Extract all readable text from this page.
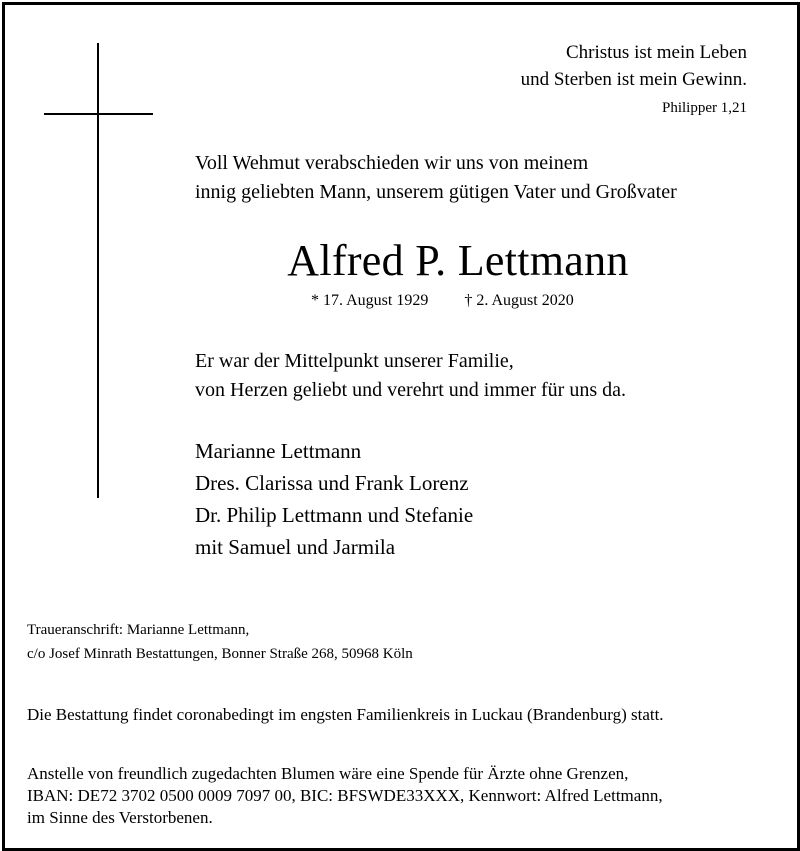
Christus ist mein Leben
und Sterben ist mein Gewinn.
Philipper 1,21
Voll Wehmut verabschieden wir uns von meinem
innig geliebten Mann, unserem gütigen Vater und Großvater
Alfred P. Lettmann
* 17. August 1929 † 2. August 2020
Er war der Mittelpunkt unserer Familie,
von Herzen geliebt und verehrt und immer für uns da.
Marianne Lettmann
Dres. Clarissa und Frank Lorenz
Dr. Philip Lettmann und Stefanie
mit Samuel und Jarmila
Traueranschrift: Marianne Lettmann,
c/o Josef Minrath Bestattungen, Bonner Straße 268, 50968 Köln
Die Bestattung findet coronabedingt im engsten Familienkreis in Luckau (Brandenburg) statt.
Anstelle von freundlich zugedachten Blumen wäre eine Spende für Ärzte ohne Grenzen,
IBAN: DE72 3702 0500 0009 7097 00, BIC: BFSWDE33XXX, Kennwort: Alfred Lettmann,
im Sinne des Verstorbenen.
